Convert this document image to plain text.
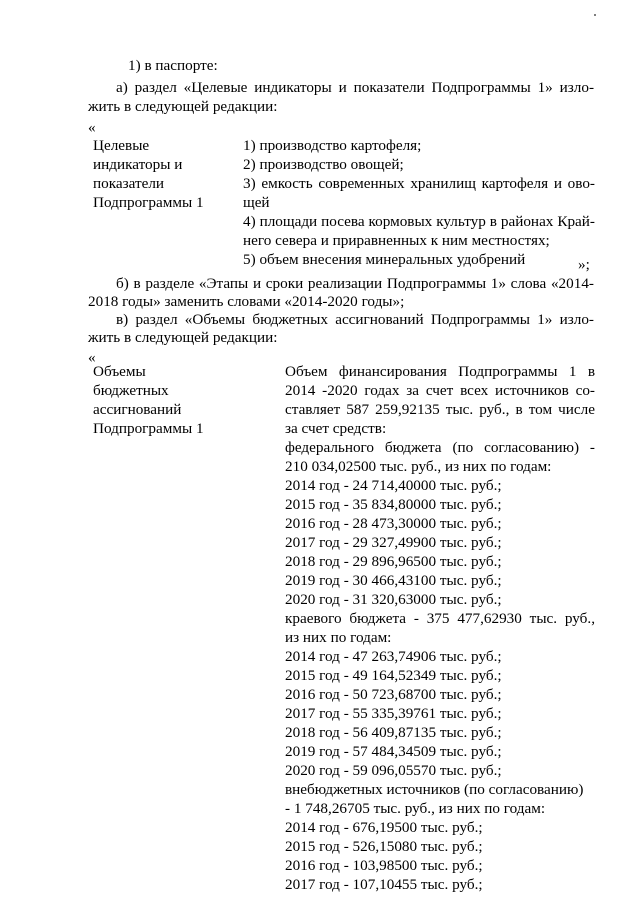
1) в паспорте:
а) раздел «Целевые индикаторы и показатели Подпрограммы 1» изло-
жить в следующей редакции:
«
Целевые
индикаторы и
показатели
Подпрограммы 1
1) производство картофеля;
2) производство овощей;
3) емкость современных хранилищ картофеля и ово-
щей
4) площади посева кормовых культур в районах Край-
него севера и приравненных к ним местностях;
5) объем внесения минеральных удобрений	»;
б) в разделе «Этапы и сроки реализации Подпрограммы 1» слова «2014-
2018 годы» заменить словами «2014-2020 годы»;
в) раздел «Объемы бюджетных ассигнований Подпрограммы 1» изло-
жить в следующей редакции:
«
Объемы
бюджетных
ассигнований
Подпрограммы 1
Объем финансирования Подпрограммы 1 в
2014 -2020 годах за счет всех источников со-
ставляет 587 259,92135 тыс. руб., в том числе
за счет средств:
федерального бюджета (по согласованию) -
210 034,02500 тыс. руб., из них по годам:
2014 год - 24 714,40000 тыс. руб.;
2015 год - 35 834,80000 тыс. руб.;
2016 год - 28 473,30000 тыс. руб.;
2017 год - 29 327,49900 тыс. руб.;
2018 год - 29 896,96500 тыс. руб.;
2019 год - 30 466,43100 тыс. руб.;
2020 год - 31 320,63000 тыс. руб.;
краевого бюджета - 375 477,62930 тыс. руб.,
из них по годам:
2014 год - 47 263,74906 тыс. руб.;
2015 год - 49 164,52349 тыс. руб.;
2016 год - 50 723,68700 тыс. руб.;
2017 год - 55 335,39761 тыс. руб.;
2018 год - 56 409,87135 тыс. руб.;
2019 год - 57 484,34509 тыс. руб.;
2020 год - 59 096,05570 тыс. руб.;
внебюджетных источников (по согласованию)
- 1 748,26705 тыс. руб., из них по годам:
2014 год - 676,19500 тыс. руб.;
2015 год - 526,15080 тыс. руб.;
2016 год - 103,98500 тыс. руб.;
2017 год - 107,10455 тыс. руб.;
